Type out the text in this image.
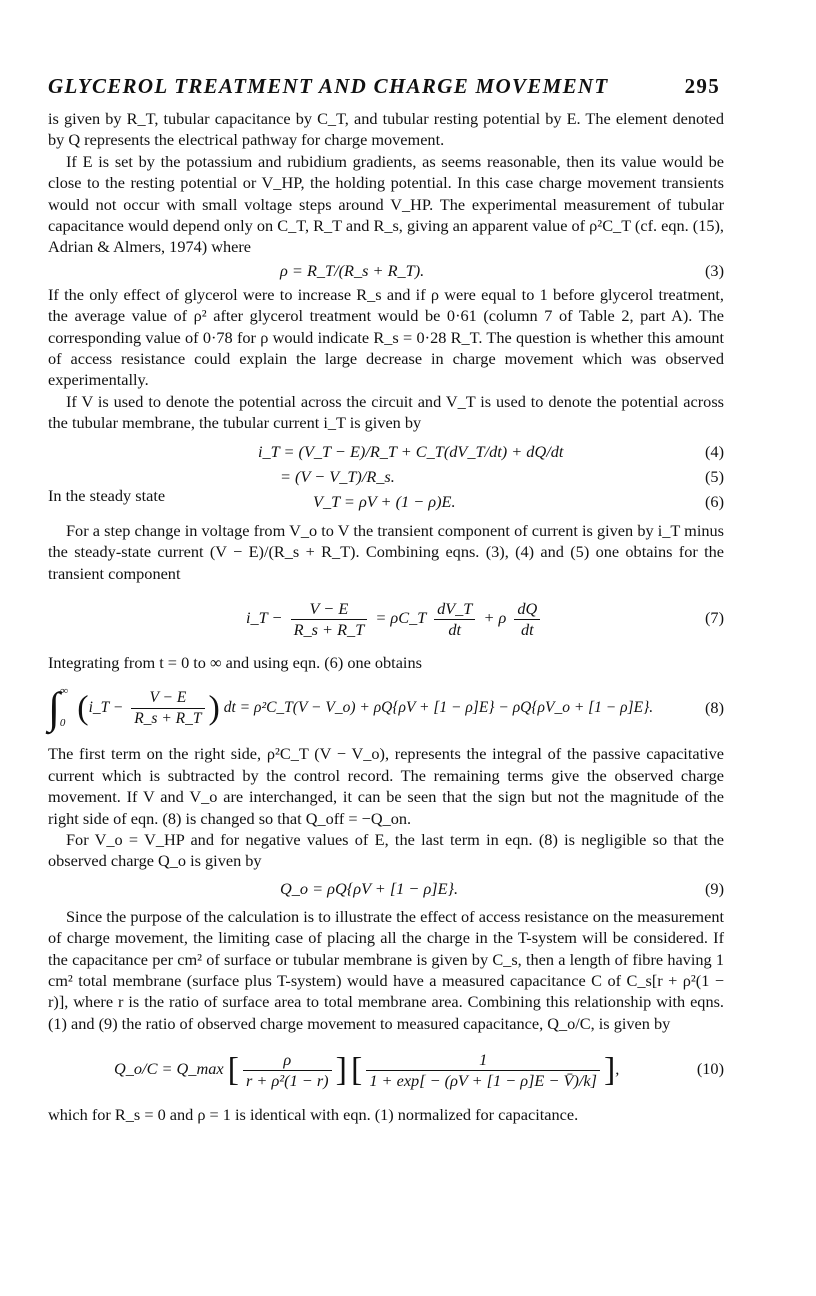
GLYCEROL TREATMENT AND CHARGE MOVEMENT	295

is given by R_T, tubular capacitance by C_T, and tubular resting potential by E. The element denoted by Q represents the electrical pathway for charge movement.

If E is set by the potassium and rubidium gradients, as seems reasonable, then its value would be close to the resting potential or V_HP, the holding potential. In this case charge movement transients would not occur with small voltage steps around V_HP. The experimental measurement of tubular capacitance would depend only on C_T, R_T and R_s, giving an apparent value of ρ²C_T (cf. eqn. (15), Adrian & Almers, 1974) where

ρ = R_T/(R_s + R_T).	(3)

If the only effect of glycerol were to increase R_s and if ρ were equal to 1 before glycerol treatment, the average value of ρ² after glycerol treatment would be 0·61 (column 7 of Table 2, part A). The corresponding value of 0·78 for ρ would indicate R_s = 0·28 R_T. The question is whether this amount of access resistance could explain the large decrease in charge movement which was observed experimentally.

If V is used to denote the potential across the circuit and V_T is used to denote the potential across the tubular membrane, the tubular current i_T is given by

i_T = (V_T − E)/R_T + C_T(dV_T/dt) + dQ/dt	(4)
= (V − V_T)/R_s.	(5)
In the steady state	V_T = ρV + (1 − ρ)E.	(6)

For a step change in voltage from V_o to V the transient component of current is given by i_T minus the steady-state current (V − E)/(R_s + R_T). Combining eqns. (3), (4) and (5) one obtains for the transient component

i_T − $\frac{V - E}{R\_s + R\_T}$ = ρC_T $\frac{dV\_T}{dt} + \rho \frac{dQ}{dt}$	(7)

Integrating from t = 0 to ∞ and using eqn. (6) one obtains

$\int^\infty_0$ (i_T − $\frac{V - E}{R\_s + R\_T}$ ) dt = ρ²C_T(V − V_o) + ρQ{ρV + [1 − ρ]E} − ρQ{ρV_o + [1 − ρ]E}.	(8)

The first term on the right side, ρ²C_T (V − V_o), represents the integral of the passive capacitative current which is subtracted by the control record. The remaining terms give the observed charge movement. If V and V_o are interchanged, it can be seen that the sign but not the magnitude of the right side of eqn. (8) is changed so that Q_off = −Q_on.

For V_o = V_HP and for negative values of E, the last term in eqn. (8) is negligible so that the observed charge Q_o is given by

Q_o = ρQ{ρV + [1 − ρ]E}.	(9)

Since the purpose of the calculation is to illustrate the effect of access resistance on the measurement of charge movement, the limiting case of placing all the charge in the T-system will be considered. If the capacitance per cm² of surface or tubular membrane is given by C_s, then a length of fibre having 1 cm² total membrane (surface plus T-system) would have a measured capacitance C of C_s[r + ρ²(1 − r)], where r is the ratio of surface area to total membrane area. Combining this relationship with eqns. (1) and (9) the ratio of observed charge movement to measured capacitance, Q_o/C, is given by

Q_o/C = Q_max [ $\frac{\rho}{\text{r + ρ²(1 − r)}}$ ] [ $\frac{1}{1 + \exp[ - (\rho V + [1 - \rho]E - V̄)/k]}$ ],	(10)

which for R_s = 0 and ρ = 1 is identical with eqn. (1) normalized for capacitance.
